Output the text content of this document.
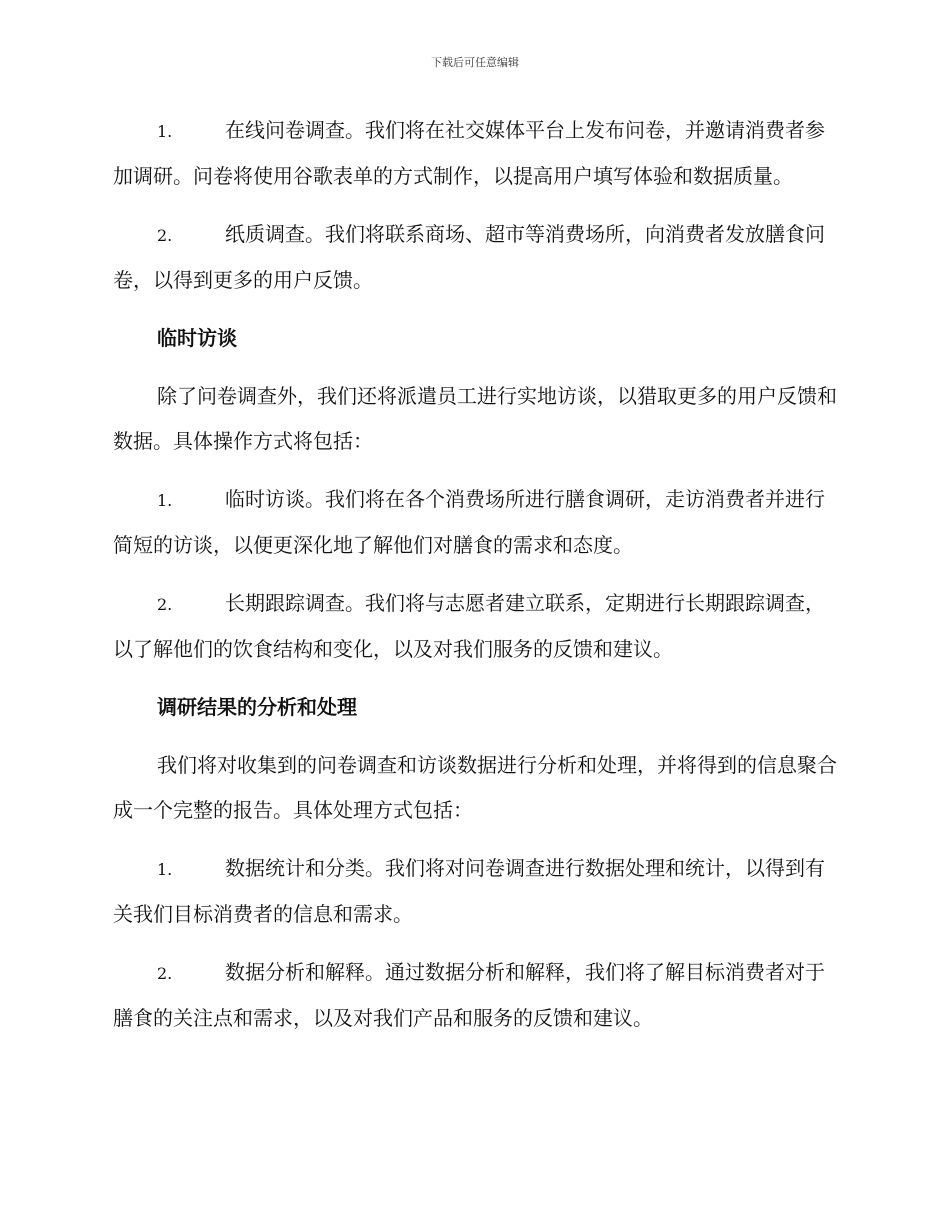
下载后可任意编辑

1.	在线问卷调查。我们将在社交媒体平台上发布问卷，并邀请消费者参加调研。问卷将使用谷歌表单的方式制作，以提高用户填写体验和数据质量。

2.	纸质调查。我们将联系商场、超市等消费场所，向消费者发放膳食问卷，以得到更多的用户反馈。

临时访谈

除了问卷调查外，我们还将派遣员工进行实地访谈，以猎取更多的用户反馈和数据。具体操作方式将包括：

1.	临时访谈。我们将在各个消费场所进行膳食调研，走访消费者并进行简短的访谈，以便更深化地了解他们对膳食的需求和态度。

2.	长期跟踪调查。我们将与志愿者建立联系，定期进行长期跟踪调查，以了解他们的饮食结构和变化，以及对我们服务的反馈和建议。

调研结果的分析和处理

我们将对收集到的问卷调查和访谈数据进行分析和处理，并将得到的信息聚合成一个完整的报告。具体处理方式包括：

1.	数据统计和分类。我们将对问卷调查进行数据处理和统计，以得到有关我们目标消费者的信息和需求。

2.	数据分析和解释。通过数据分析和解释，我们将了解目标消费者对于膳食的关注点和需求，以及对我们产品和服务的反馈和建议。
